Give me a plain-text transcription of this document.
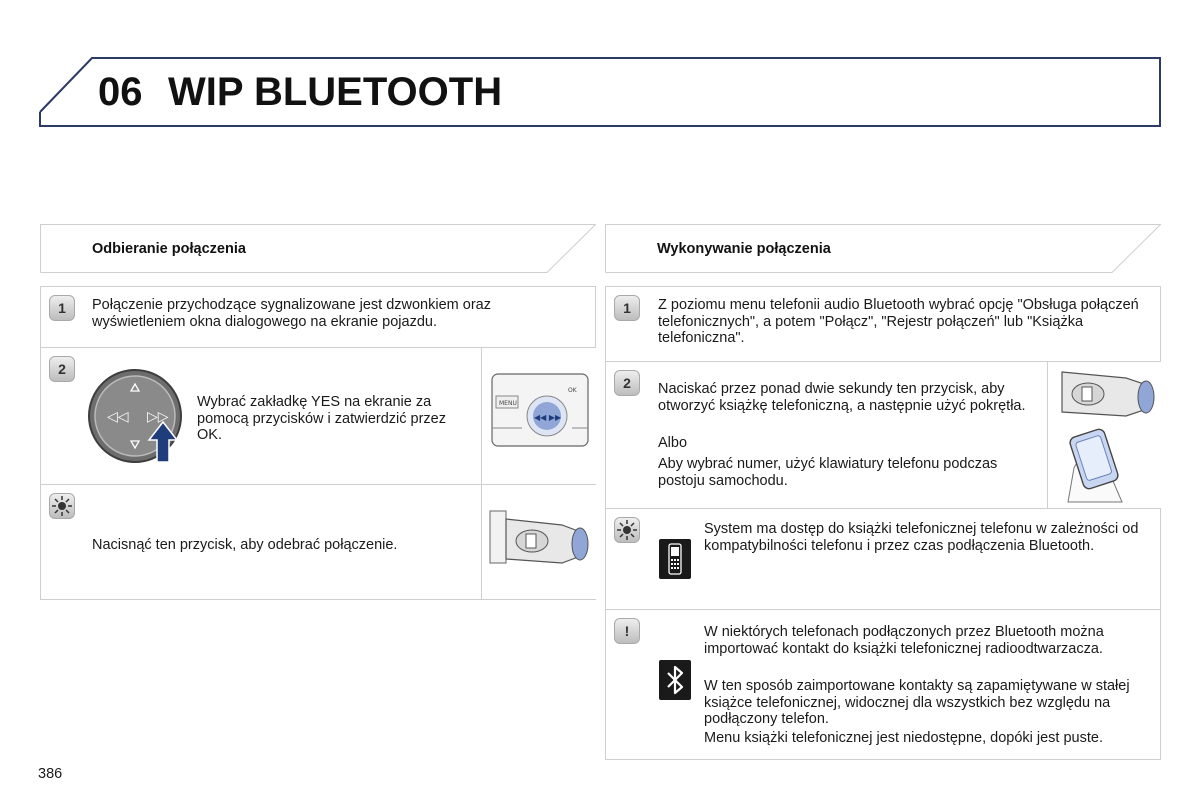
06 WIP BLUETOOTH
Odbieranie połączenia
1	Połączenie przychodzące sygnalizowane jest dzwonkiem oraz wyświetleniem okna dialogowego na ekranie pojazdu.
2
◁◁ ▷▷
Wybrać zakładkę YES na ekranie za pomocą przycisków i zatwierdzić przez OK.
MENU
OK
◀◀ ▶▶
Nacisnąć ten przycisk, aby odebrać połączenie.
Wykonywanie połączenia
1	Z poziomu menu telefonii audio Bluetooth wybrać opcję "Obsługa połączeń telefonicznych", a potem "Połącz", "Rejestr połączeń" lub "Książka telefoniczna".
2	Naciskać przez ponad dwie sekundy ten przycisk, aby otworzyć książkę telefoniczną, a następnie użyć pokrętła.
Albo
Aby wybrać numer, użyć klawiatury telefonu podczas postoju samochodu.
System ma dostęp do książki telefonicznej telefonu w zależności od kompatybilności telefonu i przez czas podłączenia Bluetooth.
!	W niektórych telefonach podłączonych przez Bluetooth można importować kontakt do książki telefonicznej radioodtwarzacza.
W ten sposób zaimportowane kontakty są zapamiętywane w stałej książce telefonicznej, widocznej dla wszystkich bez względu na podłączony telefon.
Menu książki telefonicznej jest niedostępne, dopóki jest puste.
386
